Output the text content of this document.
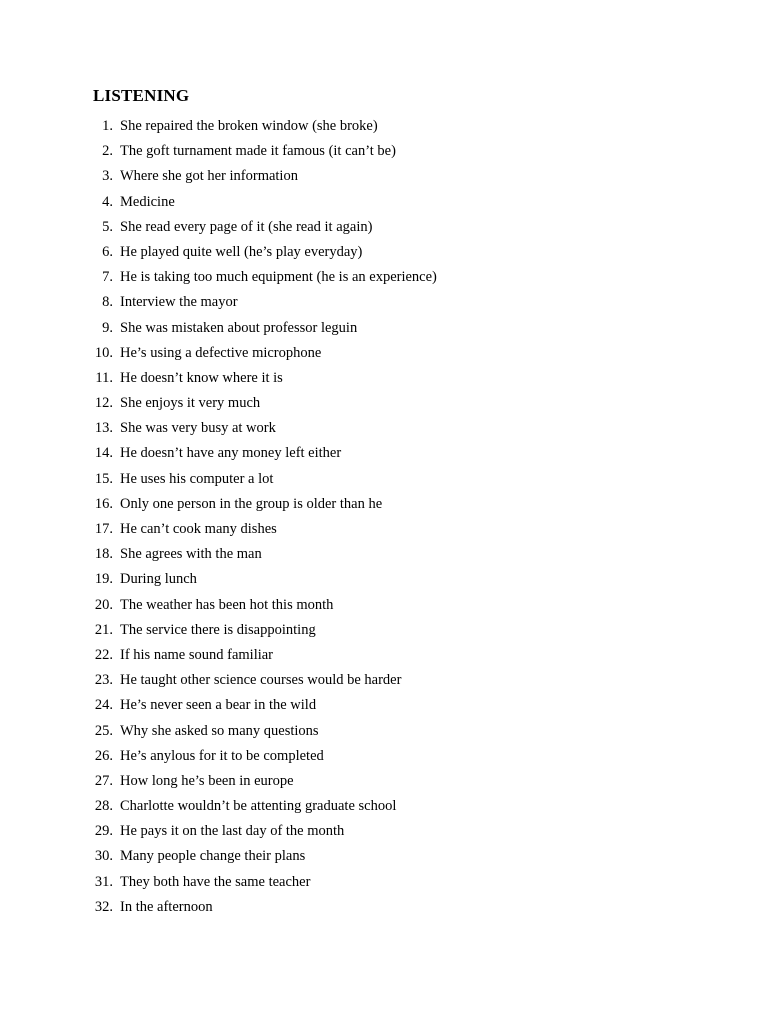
LISTENING
1. She repaired the broken window (she broke)
2. The goft turnament made it famous (it can’t be)
3. Where she got her information
4. Medicine
5. She read every page of it (she read it again)
6. He played quite well (he’s play everyday)
7. He is taking too much equipment (he is an experience)
8. Interview the mayor
9. She was mistaken about professor leguin
10. He’s using a defective microphone
11. He doesn’t know where it is
12. She enjoys it very much
13. She was very busy at work
14. He doesn’t have any money left either
15. He uses his computer a lot
16. Only one person in the group is older than he
17. He can’t cook many dishes
18. She agrees with the man
19. During lunch
20. The weather has been hot this month
21. The service there is disappointing
22. If his name sound familiar
23. He taught other science courses would be harder
24. He’s never seen a bear in the wild
25. Why she asked so many questions
26. He’s anylous for it to be completed
27. How long he’s been in europe
28. Charlotte wouldn’t be attenting graduate school
29. He pays it on the last day of the month
30. Many people change their plans
31. They both have the same teacher
32. In the afternoon
